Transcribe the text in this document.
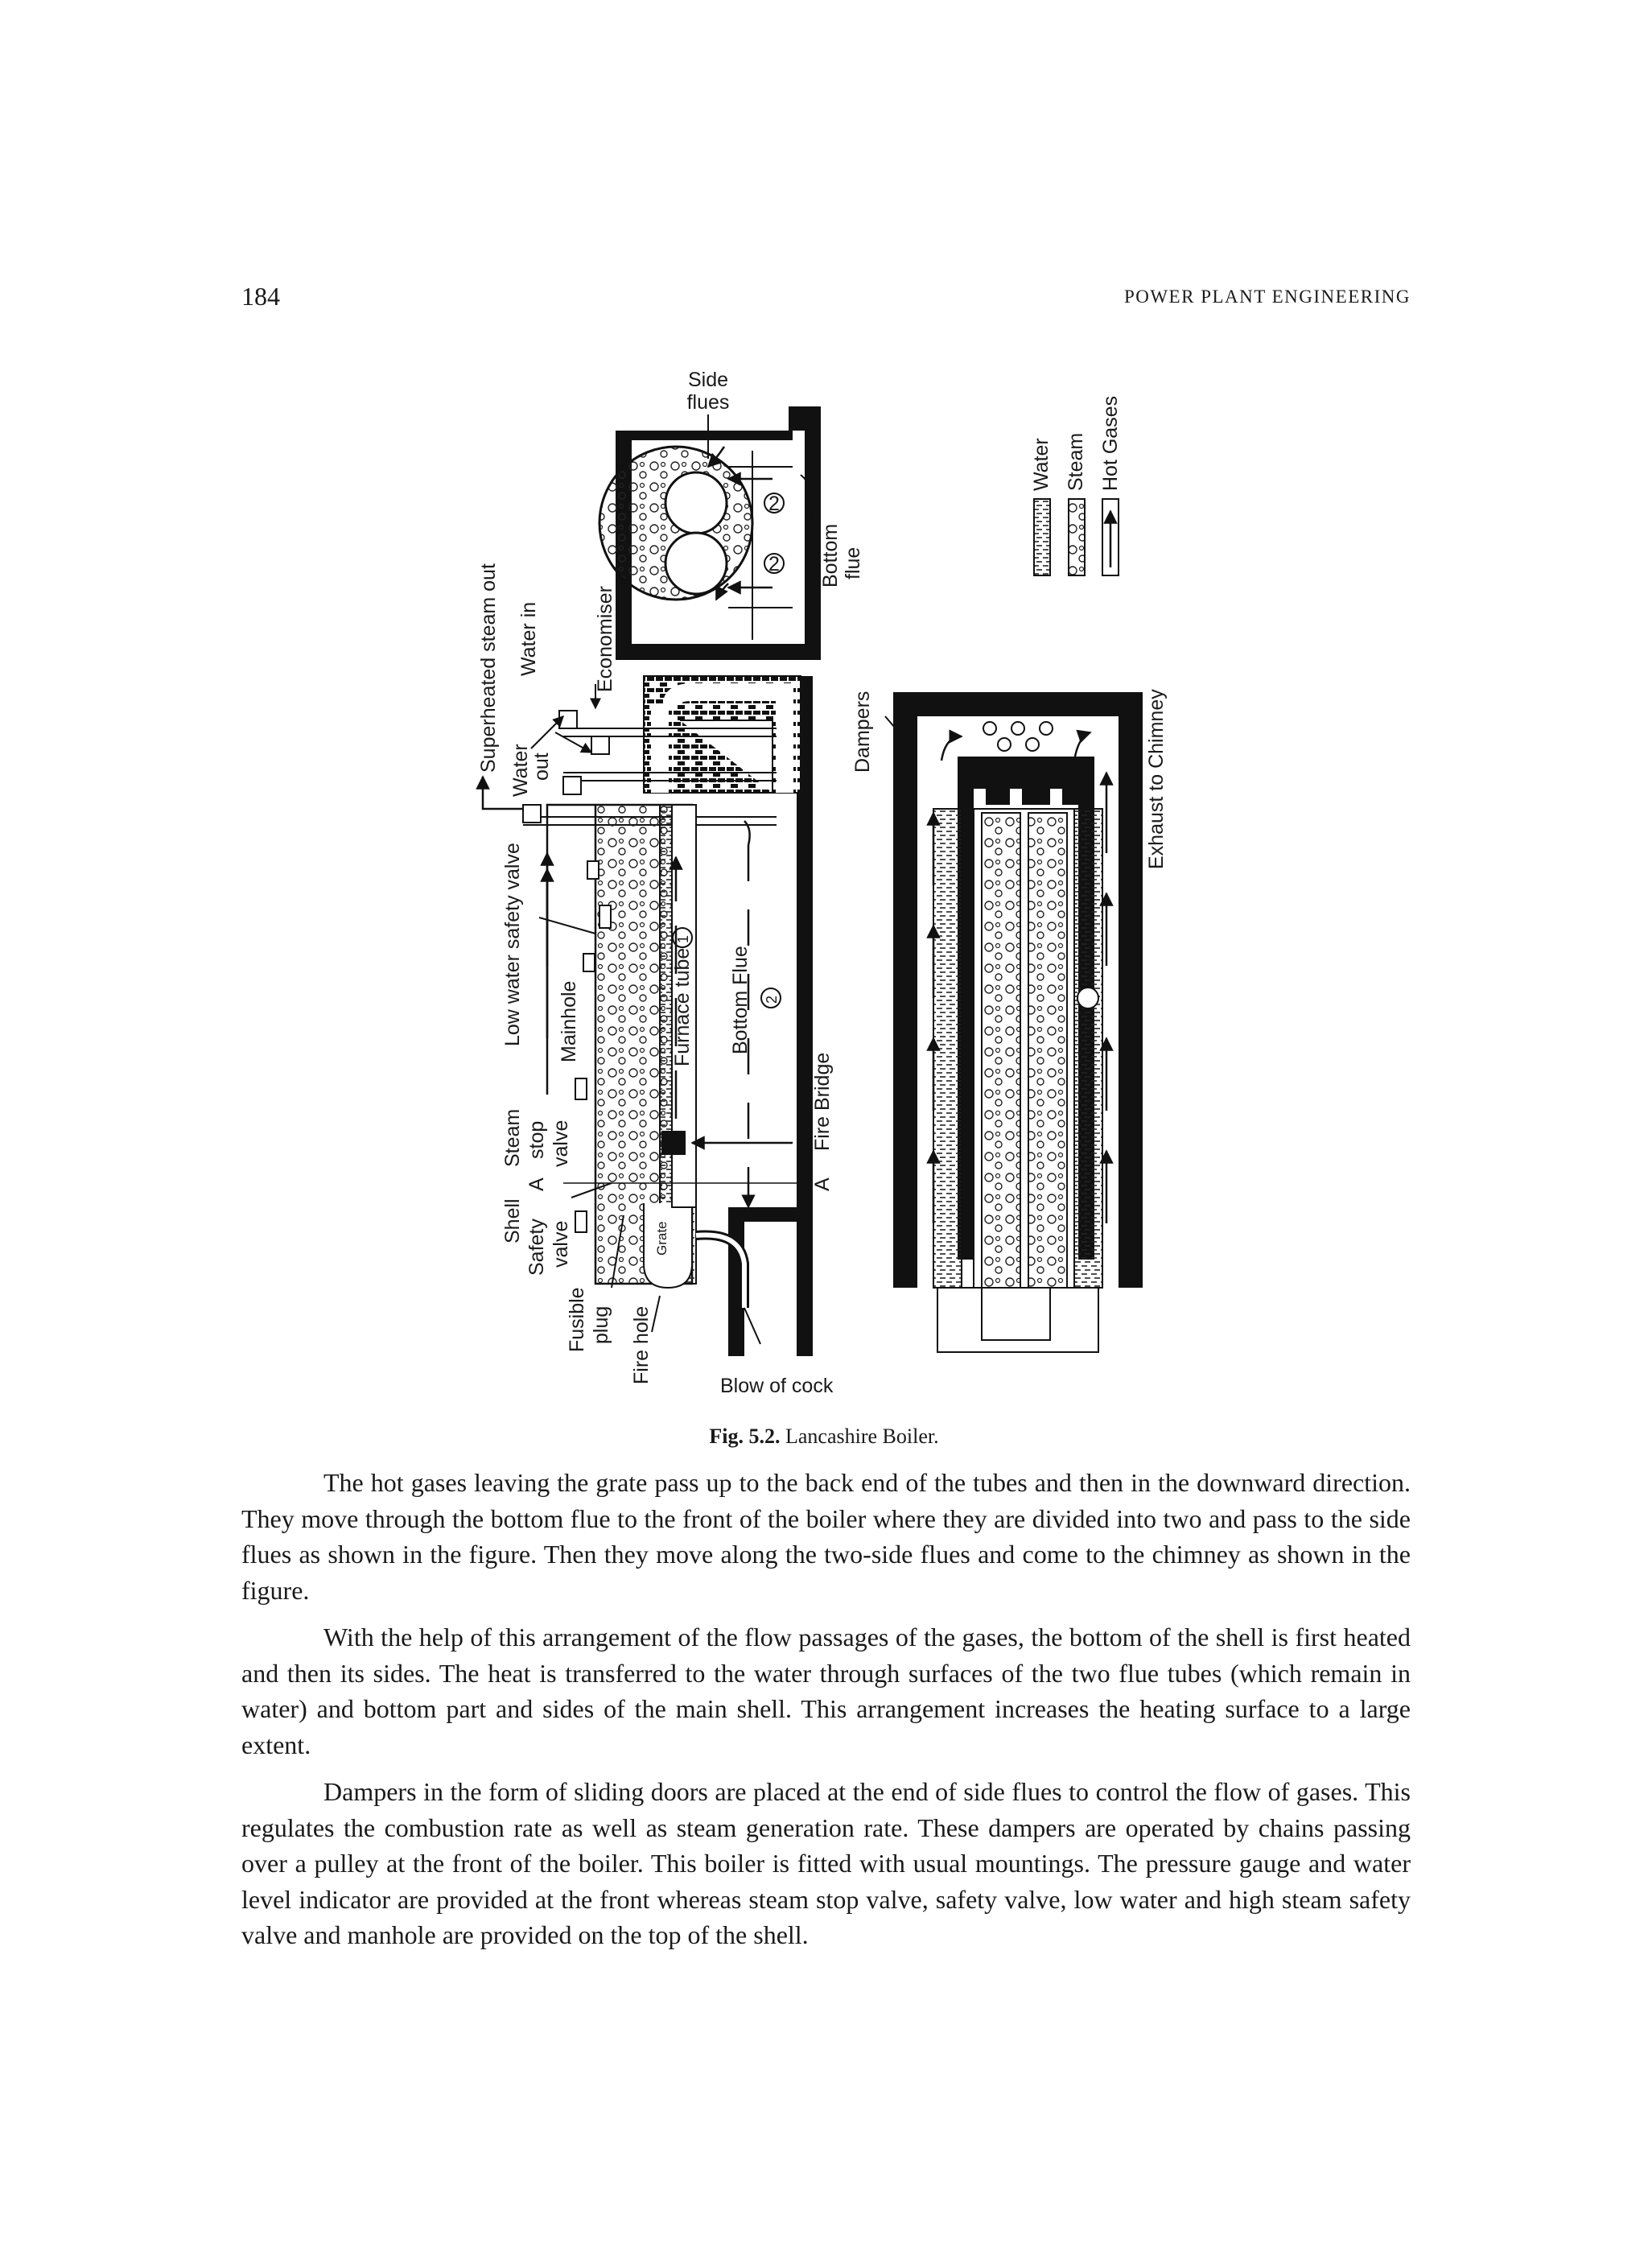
184	POWER PLANT ENGINEERING
2
2
Side
flues
Bottom flue
Superheated steam out Water in	Economiser
Water
out
Low water safety valve Mainhole
Steam stop valve
Shell
A
Safety valve
Fusible plug Fire hole
Grate
Furnace tube
1
Bottom Flue 2
Fire Bridge
A
Blow of cock
Dampers	Exhaust to Chimney
Water Steam Hot Gases
Fig. 5.2. Lancashire Boiler.

The hot gases leaving the grate pass up to the back end of the tubes and then in the downward direction. They move through the bottom flue to the front of the boiler where they are divided into two and pass to the side flues as shown in the figure. Then they move along the two-side flues and come to the chimney as shown in the figure.

With the help of this arrangement of the flow passages of the gases, the bottom of the shell is first heated and then its sides. The heat is transferred to the water through surfaces of the two flue tubes (which remain in water) and bottom part and sides of the main shell. This arrangement increases the heating surface to a large extent.

Dampers in the form of sliding doors are placed at the end of side flues to control the flow of gases. This regulates the combustion rate as well as steam generation rate. These dampers are operated by chains passing over a pulley at the front of the boiler. This boiler is fitted with usual mountings. The pressure gauge and water level indicator are provided at the front whereas steam stop valve, safety valve, low water and high steam safety valve and manhole are provided on the top of the shell.
